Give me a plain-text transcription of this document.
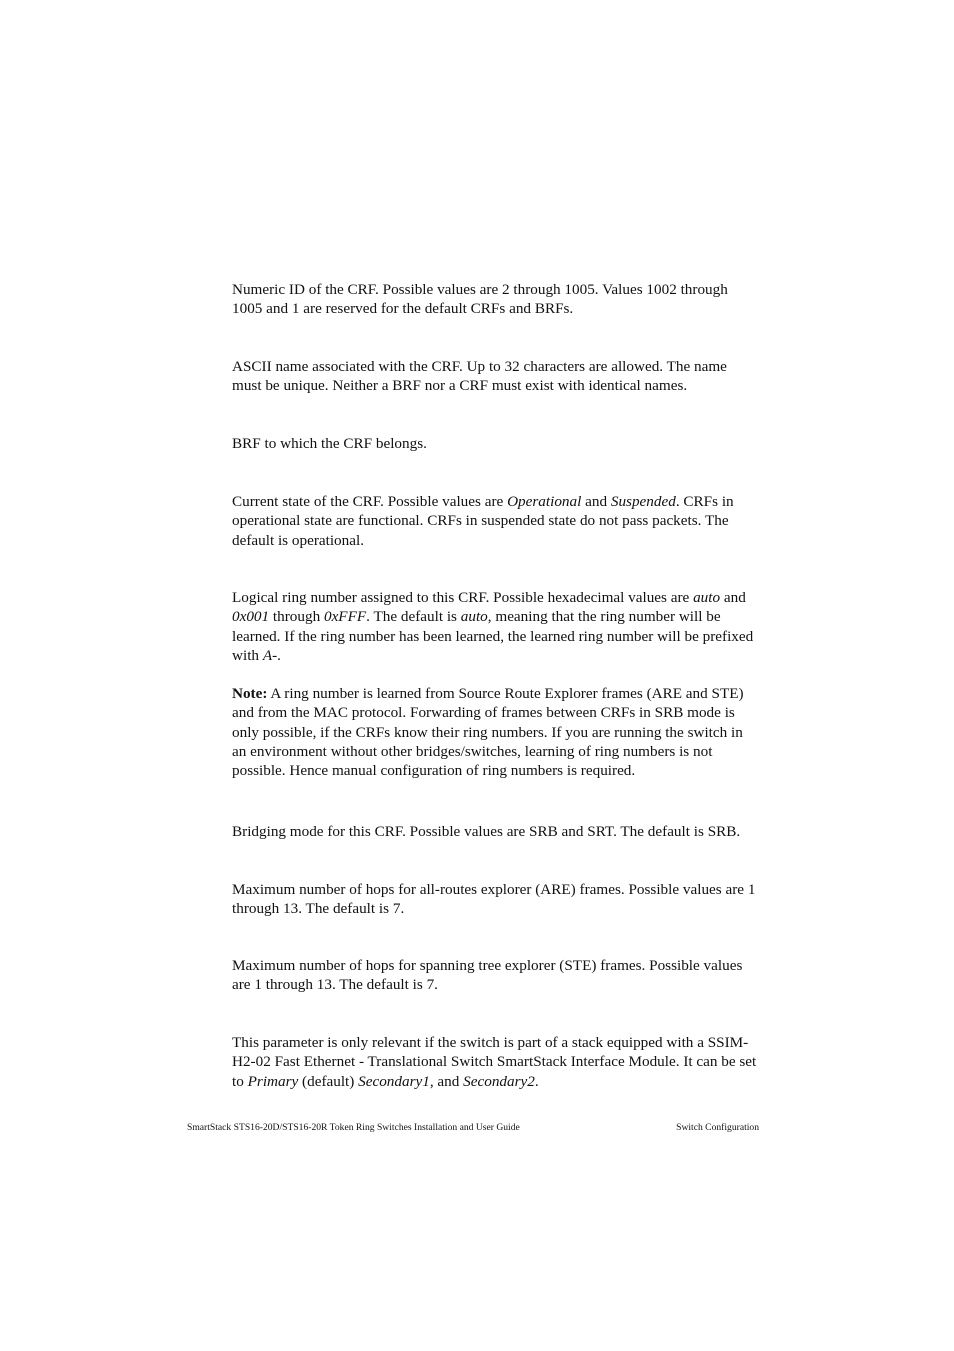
Numeric ID of the CRF. Possible values are 2 through 1005. Values 1002 through 1005 and 1 are reserved for the default CRFs and BRFs.

ASCII name associated with the CRF. Up to 32 characters are allowed. The name must be unique. Neither a BRF nor a CRF must exist with identical names.

BRF to which the CRF belongs.

Current state of the CRF. Possible values are Operational and Suspended. CRFs in operational state are functional. CRFs in suspended state do not pass packets. The default is operational.

Logical ring number assigned to this CRF. Possible hexadecimal values are auto and 0x001 through 0xFFF. The default is auto, meaning that the ring number will be learned. If the ring number has been learned, the learned ring number will be prefixed with A-.

Note: A ring number is learned from Source Route Explorer frames (ARE and STE) and from the MAC protocol. Forwarding of frames between CRFs in SRB mode is only possible, if the CRFs know their ring numbers. If you are running the switch in an environment without other bridges/switches, learning of ring numbers is not possible. Hence manual configuration of ring numbers is required.

Bridging mode for this CRF. Possible values are SRB and SRT. The default is SRB.

Maximum number of hops for all-routes explorer (ARE) frames. Possible values are 1 through 13. The default is 7.

Maximum number of hops for spanning tree explorer (STE) frames. Possible values are 1 through 13. The default is 7.

This parameter is only relevant if the switch is part of a stack equipped with a SSIM-H2-02 Fast Ethernet - Translational Switch SmartStack Interface Module. It can be set to Primary (default) Secondary1, and Secondary2.

SmartStack STS16-20D/STS16-20R Token Ring Switches Installation and User Guide	Switch Configuration
